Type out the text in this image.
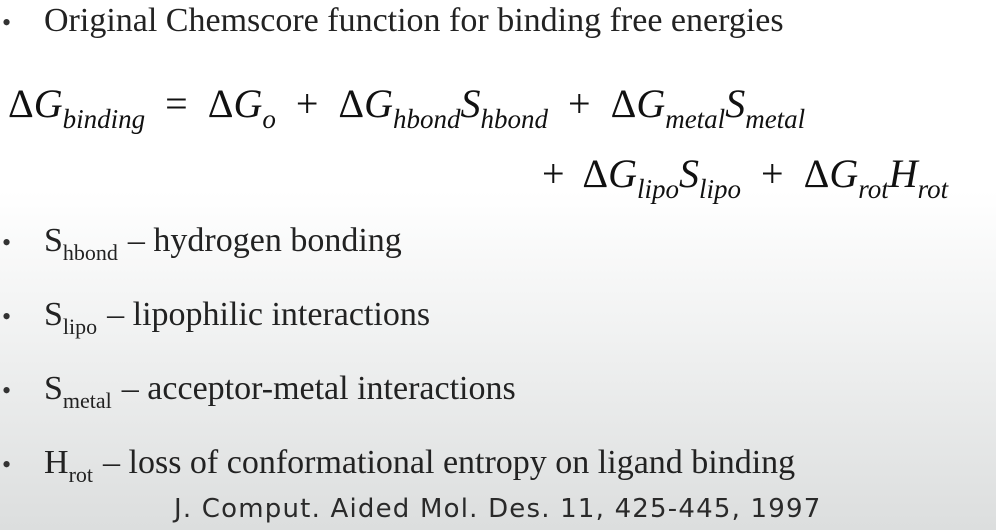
• Original Chemscore function for binding free energies
$\Delta G_{binding} = \Delta G_o + \Delta G_{hbond}S_{hbond} + \Delta G_{metal}S_{metal}$
+ $\Delta G_{lipo}S_{lipo} + \Delta G_{rot}H_{rot}$
• S hbond – hydrogen bonding
• S lipo – lipophilic interactions
• S metal – acceptor-metal interactions
• H rot – loss of conformational entropy on ligand binding
J. Comput. Aided Mol. Des. 11, 425-445, 1997
